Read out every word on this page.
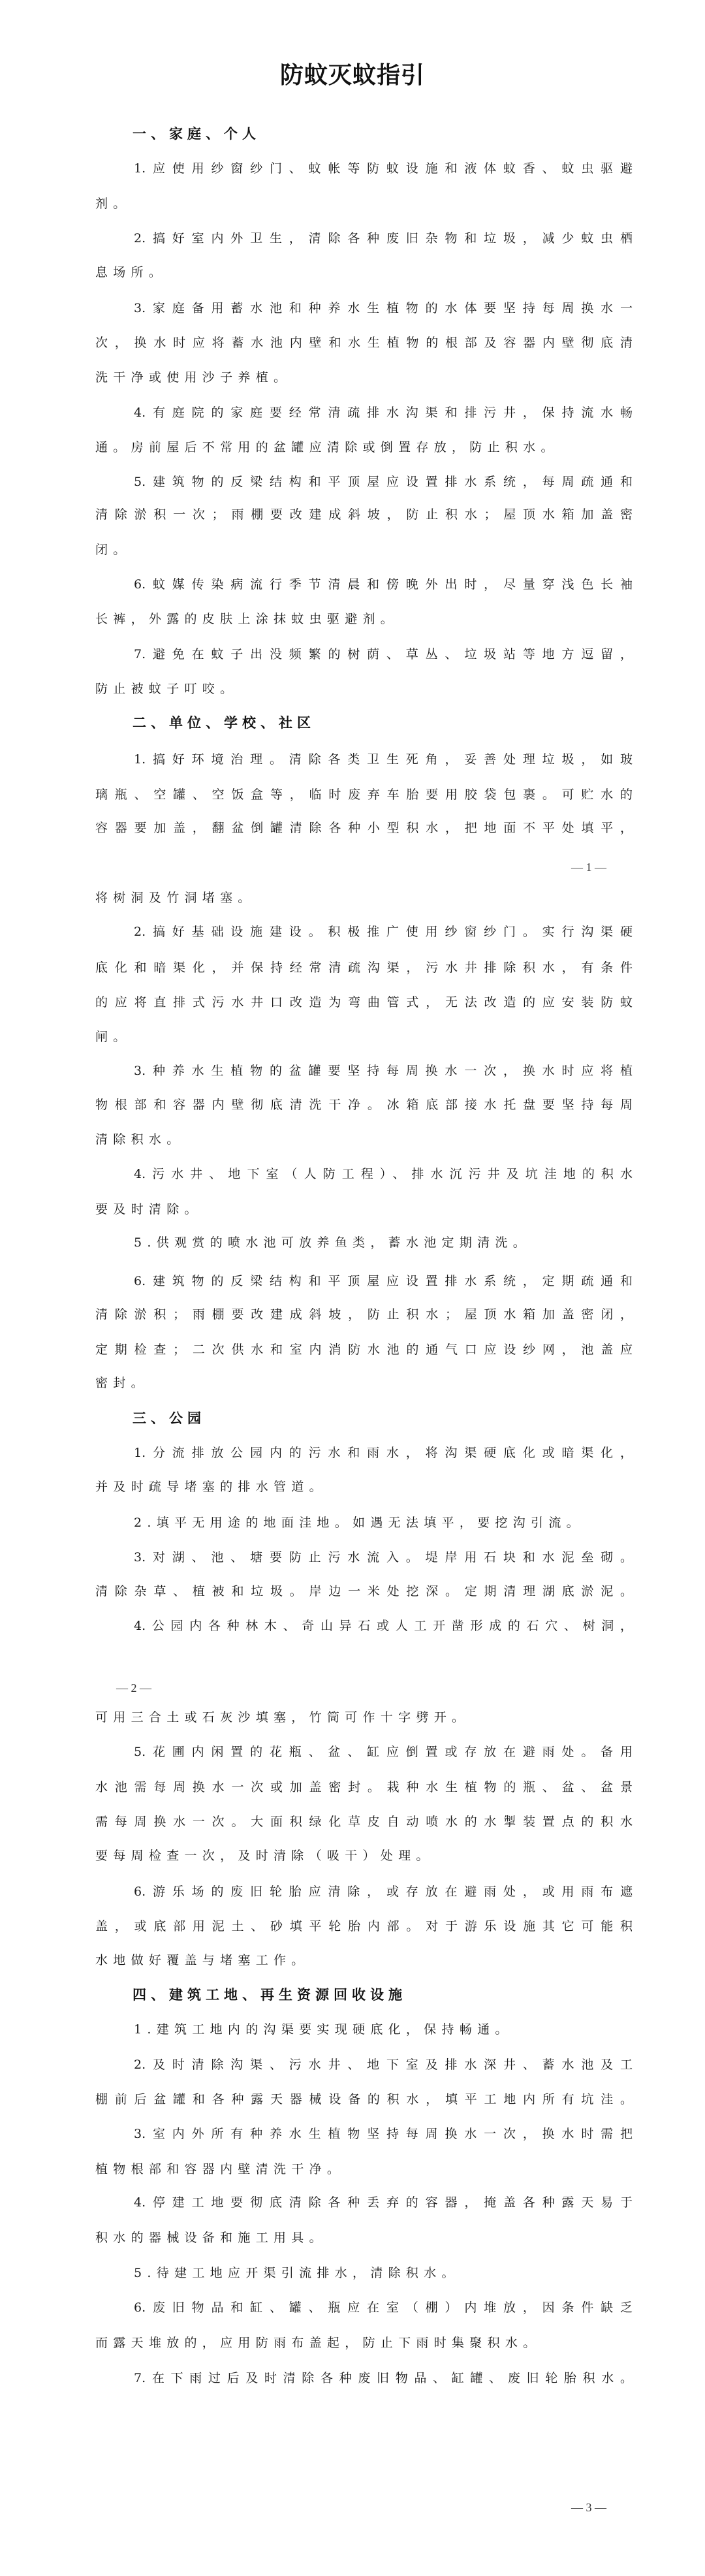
防蚊灭蚊指引
一、家庭、个人
1.应使用纱窗纱门、蚊帐等防蚊设施和液体蚊香、蚊虫驱避
剂。
2.搞好室内外卫生，清除各种废旧杂物和垃圾，减少蚊虫栖
息场所。
3.家庭备用蓄水池和种养水生植物的水体要坚持每周换水一
次，换水时应将蓄水池内壁和水生植物的根部及容器内壁彻底清
洗干净或使用沙子养植。
4.有庭院的家庭要经常清疏排水沟渠和排污井，保持流水畅
通。房前屋后不常用的盆罐应清除或倒置存放，防止积水。
5.建筑物的反梁结构和平顶屋应设置排水系统，每周疏通和
清除淤积一次；雨棚要改建成斜坡，防止积水；屋顶水箱加盖密
闭。
6.蚊媒传染病流行季节清晨和傍晚外出时，尽量穿浅色长袖
长裤，外露的皮肤上涂抹蚊虫驱避剂。
7.避免在蚊子出没频繁的树荫、草丛、垃圾站等地方逗留，
防止被蚊子叮咬。
二、单位、学校、社区
1.搞好环境治理。清除各类卫生死角，妥善处理垃圾，如玻
璃瓶、空罐、空饭盒等，临时废弃车胎要用胶袋包裹。可贮水的
容器要加盖，翻盆倒罐清除各种小型积水，把地面不平处填平，
— 1 —
将树洞及竹洞堵塞。
2.搞好基础设施建设。积极推广使用纱窗纱门。实行沟渠硬
底化和暗渠化，并保持经常清疏沟渠，污水井排除积水，有条件
的应将直排式污水井口改造为弯曲管式，无法改造的应安装防蚊
闸。
3.种养水生植物的盆罐要坚持每周换水一次，换水时应将植
物根部和容器内壁彻底清洗干净。冰箱底部接水托盘要坚持每周
清除积水。
4.污水井、地下室（人防工程）、排水沉污井及坑洼地的积水
要及时清除。
5.供观赏的喷水池可放养鱼类，蓄水池定期清洗。
6.建筑物的反梁结构和平顶屋应设置排水系统，定期疏通和
清除淤积；雨棚要改建成斜坡，防止积水；屋顶水箱加盖密闭，
定期检查；二次供水和室内消防水池的通气口应设纱网，池盖应
密封。
三、公园
1.分流排放公园内的污水和雨水，将沟渠硬底化或暗渠化，
并及时疏导堵塞的排水管道。
2.填平无用途的地面洼地。如遇无法填平，要挖沟引流。
3.对湖、池、塘要防止污水流入。堤岸用石块和水泥垒砌。
清除杂草、植被和垃圾。岸边一米处挖深。定期清理湖底淤泥。
4.公园内各种林木、奇山异石或人工开凿形成的石穴、树洞，
— 2 —
可用三合土或石灰沙填塞，竹筒可作十字劈开。
5.花圃内闲置的花瓶、盆、缸应倒置或存放在避雨处。备用
水池需每周换水一次或加盖密封。栽种水生植物的瓶、盆、盆景
需每周换水一次。大面积绿化草皮自动喷水的水掣装置点的积水
要每周检查一次，及时清除（吸干）处理。
6.游乐场的废旧轮胎应清除，或存放在避雨处，或用雨布遮
盖，或底部用泥土、砂填平轮胎内部。对于游乐设施其它可能积
水地做好覆盖与堵塞工作。
四、建筑工地、再生资源回收设施
1.建筑工地内的沟渠要实现硬底化，保持畅通。
2.及时清除沟渠、污水井、地下室及排水深井、蓄水池及工
棚前后盆罐和各种露天器械设备的积水，填平工地内所有坑洼。
3.室内外所有种养水生植物坚持每周换水一次，换水时需把
植物根部和容器内壁清洗干净。
4.停建工地要彻底清除各种丢弃的容器，掩盖各种露天易于
积水的器械设备和施工用具。
5.待建工地应开渠引流排水，清除积水。
6.废旧物品和缸、罐、瓶应在室（棚）内堆放，因条件缺乏
而露天堆放的，应用防雨布盖起，防止下雨时集聚积水。
7.在下雨过后及时清除各种废旧物品、缸罐、废旧轮胎积水。
— 3 —
